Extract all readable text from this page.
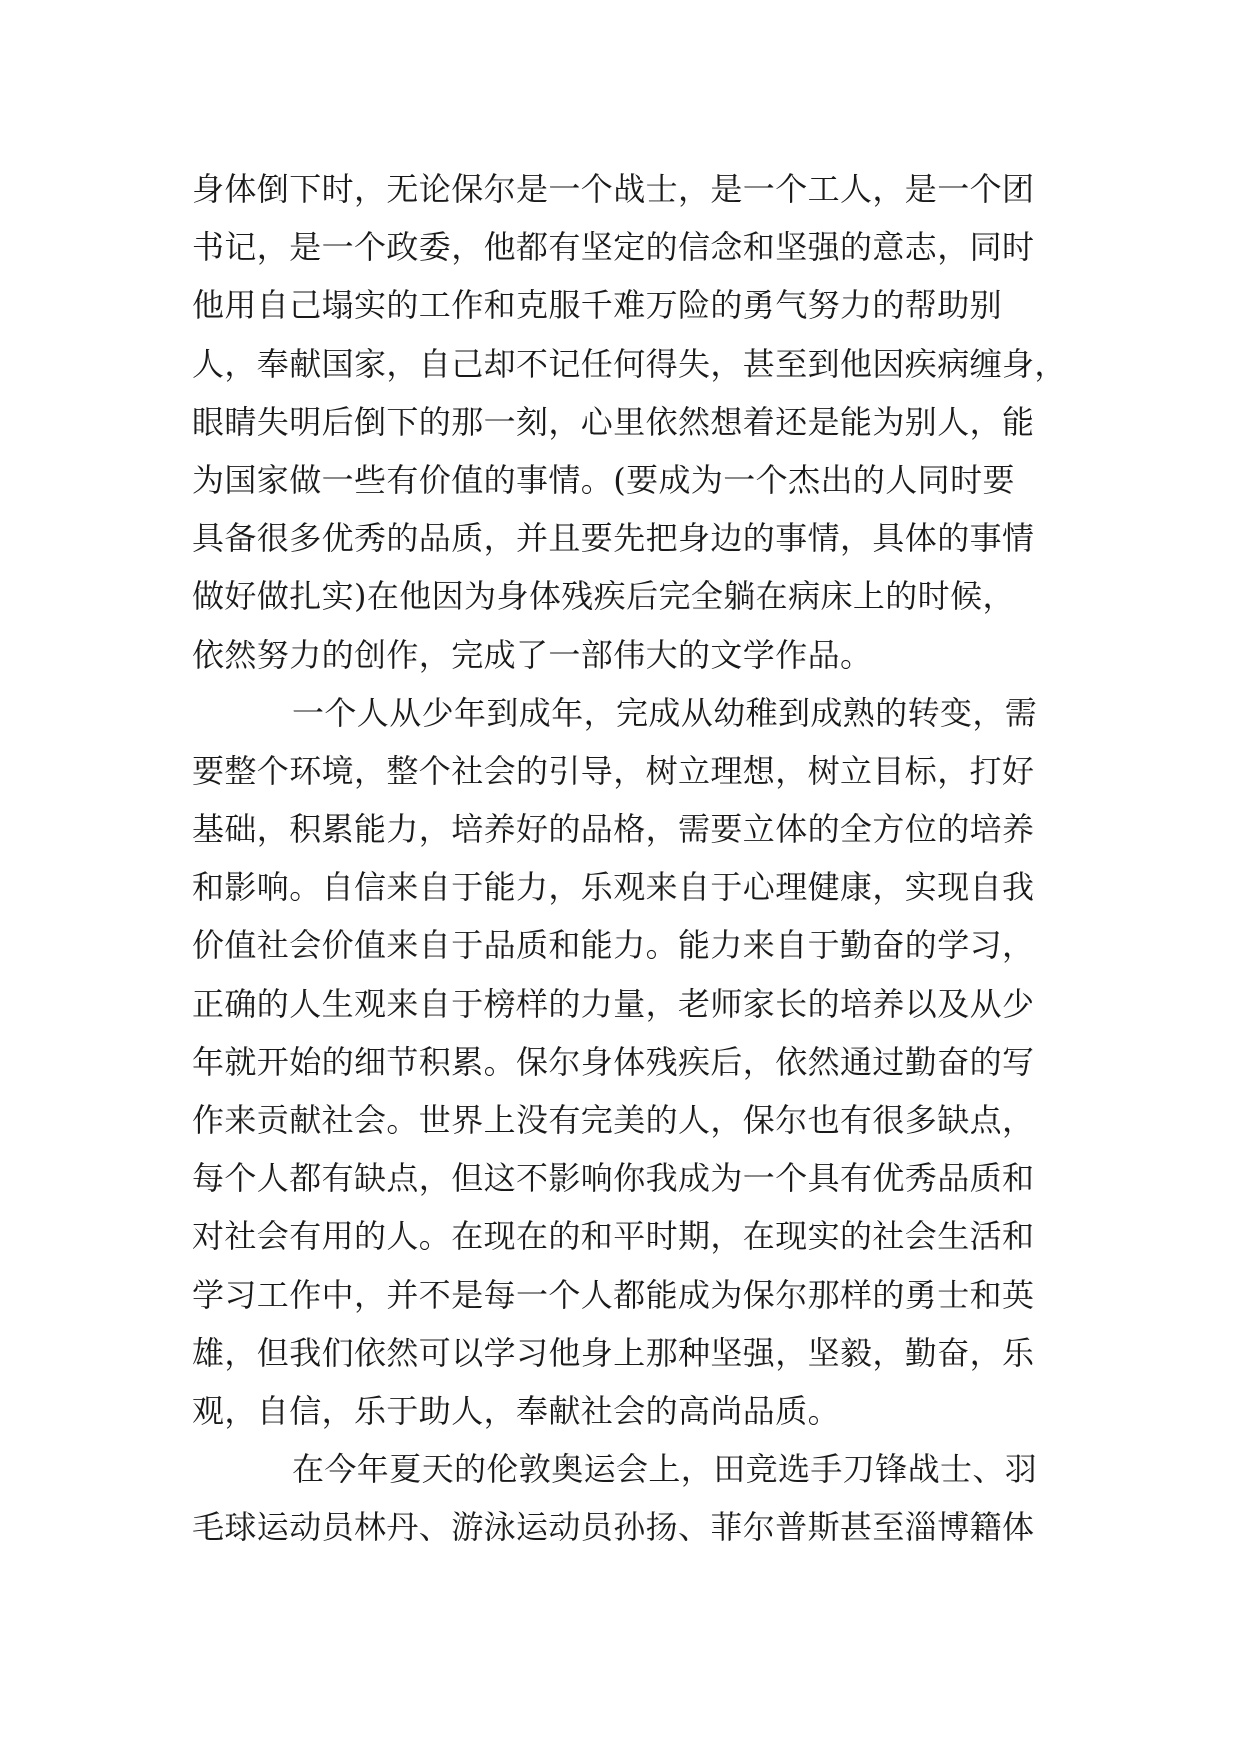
身体倒下时，无论保尔是一个战士，是一个工人，是一个团
书记，是一个政委，他都有坚定的信念和坚强的意志，同时
他用自己塌实的工作和克服千难万险的勇气努力的帮助别
人，奉献国家，自己却不记任何得失，甚至到他因疾病缠身，
眼睛失明后倒下的那一刻，心里依然想着还是能为别人，能
为国家做一些有价值的事情。(要成为一个杰出的人同时要
具备很多优秀的品质，并且要先把身边的事情，具体的事情
做好做扎实)在他因为身体残疾后完全躺在病床上的时候，
依然努力的创作，完成了一部伟大的文学作品。
一个人从少年到成年，完成从幼稚到成熟的转变，需
要整个环境，整个社会的引导，树立理想，树立目标，打好
基础，积累能力，培养好的品格，需要立体的全方位的培养
和影响。自信来自于能力，乐观来自于心理健康，实现自我
价值社会价值来自于品质和能力。能力来自于勤奋的学习，
正确的人生观来自于榜样的力量，老师家长的培养以及从少
年就开始的细节积累。保尔身体残疾后，依然通过勤奋的写
作来贡献社会。世界上没有完美的人，保尔也有很多缺点，
每个人都有缺点，但这不影响你我成为一个具有优秀品质和
对社会有用的人。在现在的和平时期，在现实的社会生活和
学习工作中，并不是每一个人都能成为保尔那样的勇士和英
雄，但我们依然可以学习他身上那种坚强，坚毅，勤奋，乐
观，自信，乐于助人，奉献社会的高尚品质。
在今年夏天的伦敦奥运会上，田竞选手刀锋战士、羽
毛球运动员林丹、游泳运动员孙扬、菲尔普斯甚至淄博籍体
